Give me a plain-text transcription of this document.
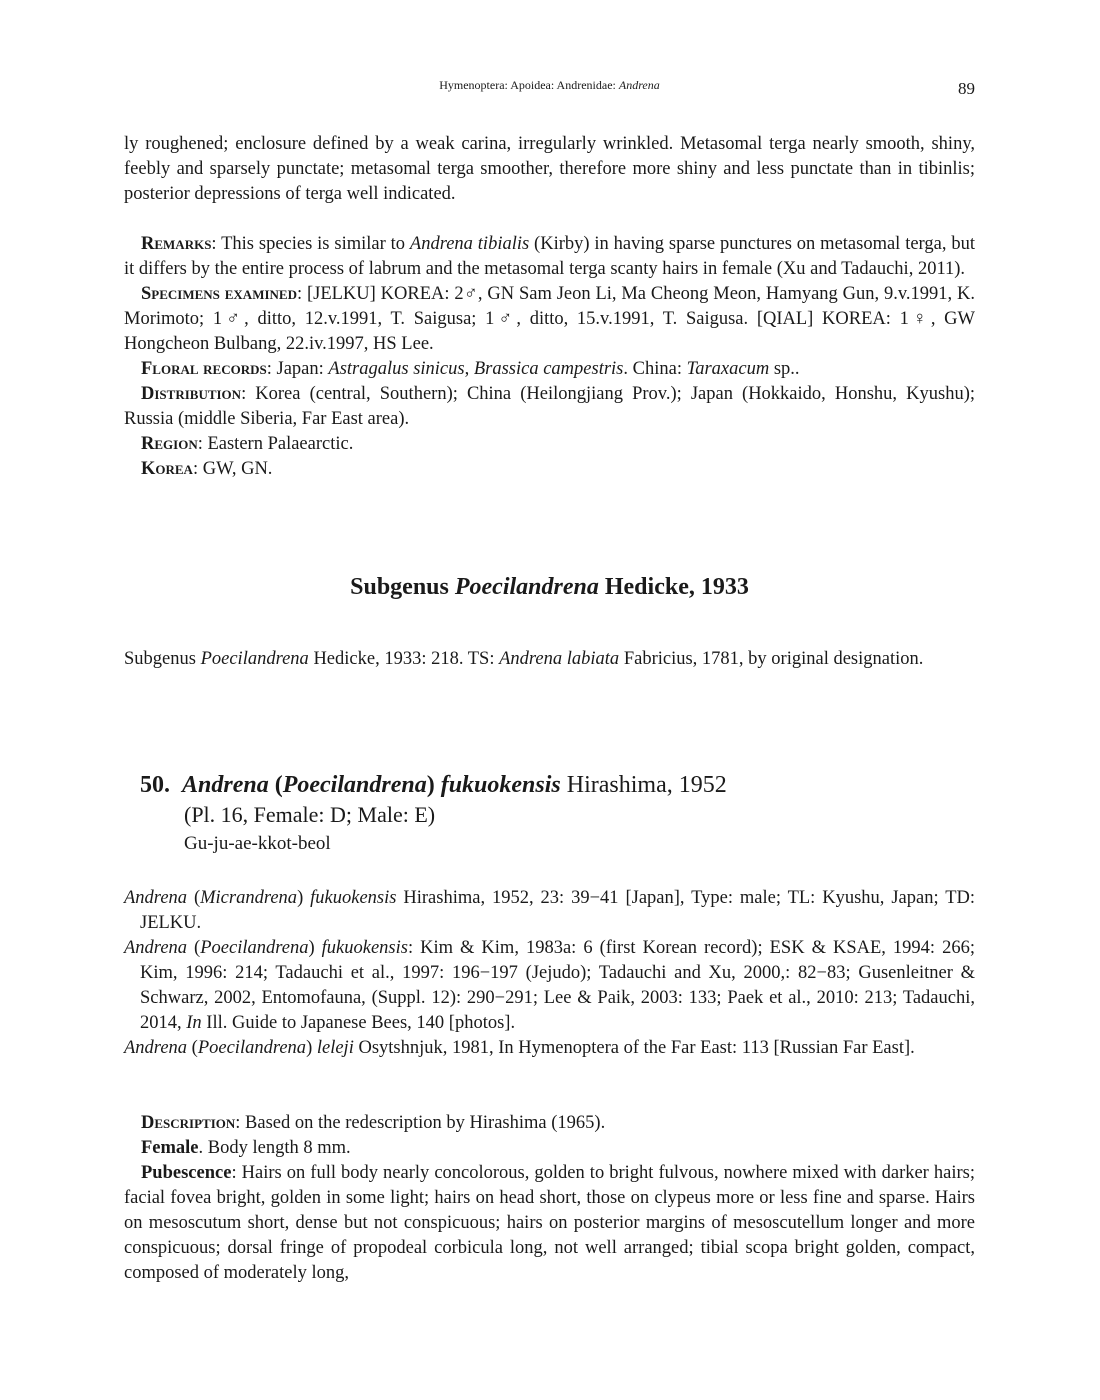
Hymenoptera: Apoidea: Andrenidae: Andrena	89

ly roughened; enclosure defined by a weak carina, irregularly wrinkled. Metasomal terga nearly smooth, shiny, feebly and sparsely punctate; metasomal terga smoother, therefore more shiny and less punctate than in tibinlis; posterior depressions of terga well indicated.

Remarks: This species is similar to Andrena tibialis (Kirby) in having sparse punctures on metasomal terga, but it differs by the entire process of labrum and the metasomal terga scanty hairs in female (Xu and Tadauchi, 2011).

Specimens examined: [JELKU] KOREA: 2♂, GN Sam Jeon Li, Ma Cheong Meon, Hamyang Gun, 9.v.1991, K. Morimoto; 1♂, ditto, 12.v.1991, T. Saigusa; 1♂, ditto, 15.v.1991, T. Saigusa. [QIAL] KOREA: 1♀, GW Hongcheon Bulbang, 22.iv.1997, HS Lee.

Floral records: Japan: Astragalus sinicus, Brassica campestris. China: Taraxacum sp..

Distribution: Korea (central, Southern); China (Heilongjiang Prov.); Japan (Hokkaido, Honshu, Kyushu); Russia (middle Siberia, Far East area).

Region: Eastern Palaearctic.

Korea: GW, GN.

Subgenus Poecilandrena Hedicke, 1933

Subgenus Poecilandrena Hedicke, 1933: 218. TS: Andrena labiata Fabricius, 1781, by original designation.

50. Andrena (Poecilandrena) fukuokensis Hirashima, 1952
(Pl. 16, Female: D; Male: E)
Gu-ju-ae-kkot-beol

Andrena (Micrandrena) fukuokensis Hirashima, 1952, 23: 39−41 [Japan], Type: male; TL: Kyushu, Japan; TD: JELKU.

Andrena (Poecilandrena) fukuokensis: Kim & Kim, 1983a: 6 (first Korean record); ESK & KSAE, 1994: 266; Kim, 1996: 214; Tadauchi et al., 1997: 196−197 (Jejudo); Tadauchi and Xu, 2000,: 82−83; Gusenleitner & Schwarz, 2002, Entomofauna, (Suppl. 12): 290−291; Lee & Paik, 2003: 133; Paek et al., 2010: 213; Tadauchi, 2014, In Ill. Guide to Japanese Bees, 140 [photos].

Andrena (Poecilandrena) leleji Osytshnjuk, 1981, In Hymenoptera of the Far East: 113 [Russian Far East].

Description: Based on the redescription by Hirashima (1965).

Female. Body length 8 mm.

Pubescence: Hairs on full body nearly concolorous, golden to bright fulvous, nowhere mixed with darker hairs; facial fovea bright, golden in some light; hairs on head short, those on clypeus more or less fine and sparse. Hairs on mesoscutum short, dense but not conspicuous; hairs on posterior margins of mesoscutellum longer and more conspicuous; dorsal fringe of propodeal corbicula long, not well arranged; tibial scopa bright golden, compact, composed of moderately long,
